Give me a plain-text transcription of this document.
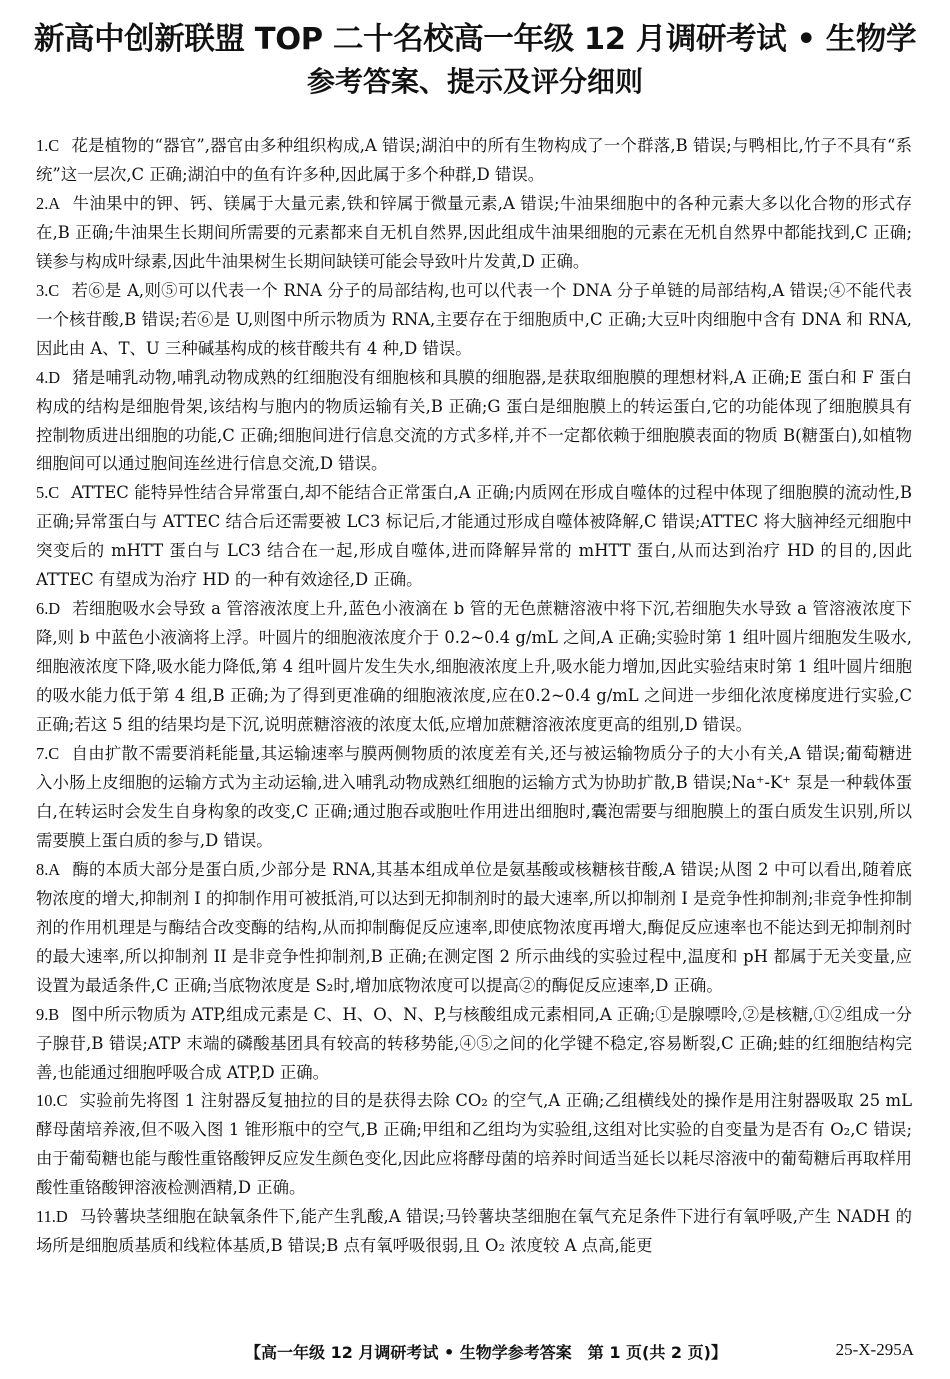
新高中创新联盟 TOP 二十名校高一年级 12 月调研考试 • 生物学
参考答案、提示及评分细则

1.C 花是植物的“器官”,器官由多种组织构成,A 错误;湖泊中的所有生物构成了一个群落,B 错误;与鸭相比,竹子不具有“系统”这一层次,C 正确;湖泊中的鱼有许多种,因此属于多个种群,D 错误。

2.A 牛油果中的钾、钙、镁属于大量元素,铁和锌属于微量元素,A 错误;牛油果细胞中的各种元素大多以化合物的形式存在,B 正确;牛油果生长期间所需要的元素都来自无机自然界,因此组成牛油果细胞的元素在无机自然界中都能找到,C 正确;镁参与构成叶绿素,因此牛油果树生长期间缺镁可能会导致叶片发黄,D 正确。

3.C 若⑥是 A,则⑤可以代表一个 RNA 分子的局部结构,也可以代表一个 DNA 分子单链的局部结构,A 错误;④不能代表一个核苷酸,B 错误;若⑥是 U,则图中所示物质为 RNA,主要存在于细胞质中,C 正确;大豆叶肉细胞中含有 DNA 和 RNA,因此由 A、T、U 三种碱基构成的核苷酸共有 4 种,D 错误。

4.D 猪是哺乳动物,哺乳动物成熟的红细胞没有细胞核和具膜的细胞器,是获取细胞膜的理想材料,A 正确;E 蛋白和 F 蛋白构成的结构是细胞骨架,该结构与胞内的物质运输有关,B 正确;G 蛋白是细胞膜上的转运蛋白,它的功能体现了细胞膜具有控制物质进出细胞的功能,C 正确;细胞间进行信息交流的方式多样,并不一定都依赖于细胞膜表面的物质 B(糖蛋白),如植物细胞间可以通过胞间连丝进行信息交流,D 错误。

5.C ATTEC 能特异性结合异常蛋白,却不能结合正常蛋白,A 正确;内质网在形成自噬体的过程中体现了细胞膜的流动性,B 正确;异常蛋白与 ATTEC 结合后还需要被 LC3 标记后,才能通过形成自噬体被降解,C 错误;ATTEC 将大脑神经元细胞中突变后的 mHTT 蛋白与 LC3 结合在一起,形成自噬体,进而降解异常的 mHTT 蛋白,从而达到治疗 HD 的目的,因此 ATTEC 有望成为治疗 HD 的一种有效途径,D 正确。

6.D 若细胞吸水会导致 a 管溶液浓度上升,蓝色小液滴在 b 管的无色蔗糖溶液中将下沉,若细胞失水导致 a 管溶液浓度下降,则 b 中蓝色小液滴将上浮。叶圆片的细胞液浓度介于 0.2~0.4 g/mL 之间,A 正确;实验时第 1 组叶圆片细胞发生吸水,细胞液浓度下降,吸水能力降低,第 4 组叶圆片发生失水,细胞液浓度上升,吸水能力增加,因此实验结束时第 1 组叶圆片细胞的吸水能力低于第 4 组,B 正确;为了得到更准确的细胞液浓度,应在0.2~0.4 g/mL 之间进一步细化浓度梯度进行实验,C 正确;若这 5 组的结果均是下沉,说明蔗糖溶液的浓度太低,应增加蔗糖溶液浓度更高的组别,D 错误。

7.C 自由扩散不需要消耗能量,其运输速率与膜两侧物质的浓度差有关,还与被运输物质分子的大小有关,A 错误;葡萄糖进入小肠上皮细胞的运输方式为主动运输,进入哺乳动物成熟红细胞的运输方式为协助扩散,B 错误;Na⁺-K⁺ 泵是一种载体蛋白,在转运时会发生自身构象的改变,C 正确;通过胞吞或胞吐作用进出细胞时,囊泡需要与细胞膜上的蛋白质发生识别,所以需要膜上蛋白质的参与,D 错误。

8.A 酶的本质大部分是蛋白质,少部分是 RNA,其基本组成单位是氨基酸或核糖核苷酸,A 错误;从图 2 中可以看出,随着底物浓度的增大,抑制剂 I 的抑制作用可被抵消,可以达到无抑制剂时的最大速率,所以抑制剂 I 是竞争性抑制剂;非竞争性抑制剂的作用机理是与酶结合改变酶的结构,从而抑制酶促反应速率,即使底物浓度再增大,酶促反应速率也不能达到无抑制剂时的最大速率,所以抑制剂 II 是非竞争性抑制剂,B 正确;在测定图 2 所示曲线的实验过程中,温度和 pH 都属于无关变量,应设置为最适条件,C 正确;当底物浓度是 S₂时,增加底物浓度可以提高②的酶促反应速率,D 正确。

9.B 图中所示物质为 ATP,组成元素是 C、H、O、N、P,与核酸组成元素相同,A 正确;①是腺嘌呤,②是核糖,①②组成一分子腺苷,B 错误;ATP 末端的磷酸基团具有较高的转移势能,④⑤之间的化学键不稳定,容易断裂,C 正确;蛙的红细胞结构完善,也能通过细胞呼吸合成 ATP,D 正确。

10.C 实验前先将图 1 注射器反复抽拉的目的是获得去除 CO₂ 的空气,A 正确;乙组横线处的操作是用注射器吸取 25 mL 酵母菌培养液,但不吸入图 1 锥形瓶中的空气,B 正确;甲组和乙组均为实验组,这组对比实验的自变量为是否有 O₂,C 错误;由于葡萄糖也能与酸性重铬酸钾反应发生颜色变化,因此应将酵母菌的培养时间适当延长以耗尽溶液中的葡萄糖后再取样用酸性重铬酸钾溶液检测酒精,D 正确。

11.D 马铃薯块茎细胞在缺氧条件下,能产生乳酸,A 错误;马铃薯块茎细胞在氧气充足条件下进行有氧呼吸,产生 NADH 的场所是细胞质基质和线粒体基质,B 错误;B 点有氧呼吸很弱,且 O₂ 浓度较 A 点高,能更

【高一年级 12 月调研考试 • 生物学参考答案　第 1 页(共 2 页)】	25-X-295A
